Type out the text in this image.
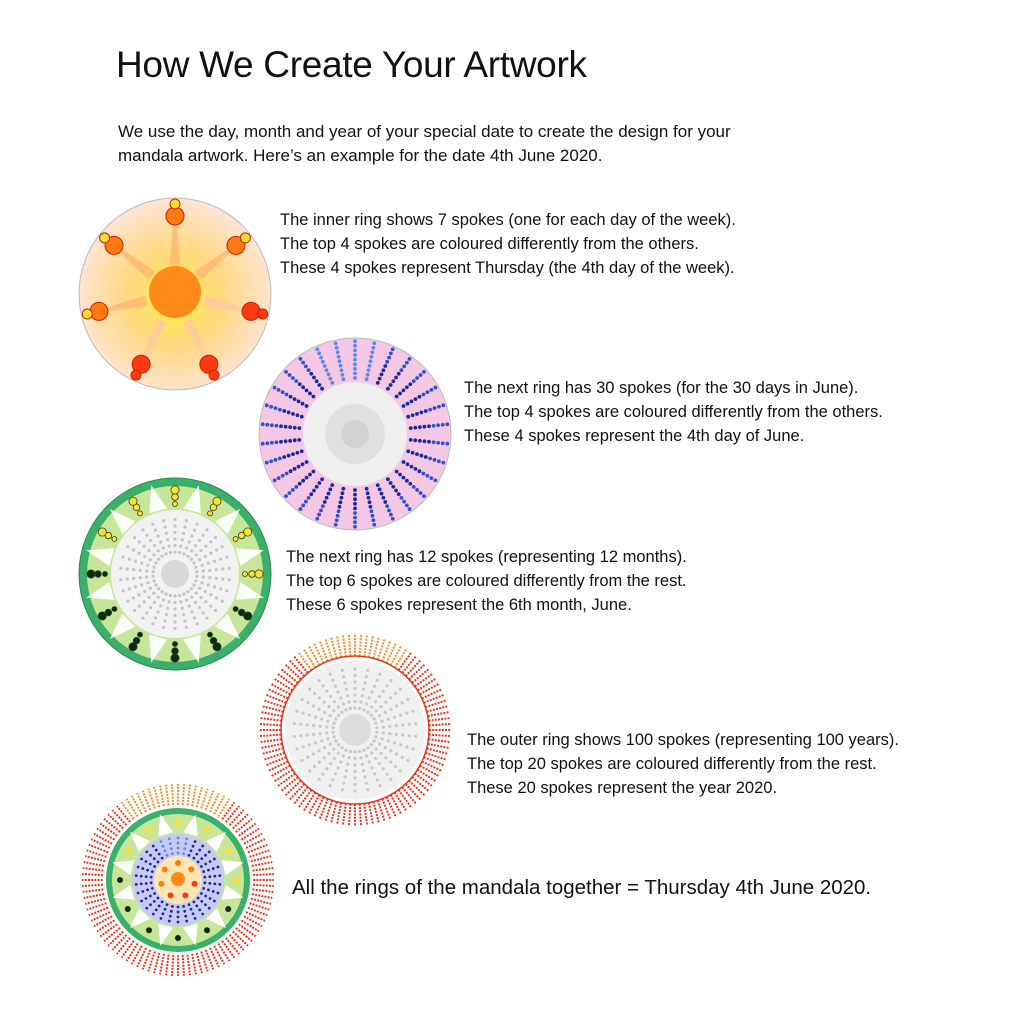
How We Create Your Artwork
We use the day, month and year of your special date to create the design for your
mandala artwork. Here’s an example for the date 4th June 2020.
The inner ring shows 7 spokes (one for each day of the week).
The top 4 spokes are coloured differently from the others.
These 4 spokes represent Thursday (the 4th day of the week).
The next ring has 30 spokes (for the 30 days in June).
The top 4 spokes are coloured differently from the others.
These 4 spokes represent the 4th day of June.
The next ring has 12 spokes (representing 12 months).
The top 6 spokes are coloured differently from the rest.
These 6 spokes represent the 6th month, June.
The outer ring shows 100 spokes (representing 100 years).
The top 20 spokes are coloured differently from the rest.
These 20 spokes represent the year 2020.
All the rings of the mandala together = Thursday 4th June 2020.
